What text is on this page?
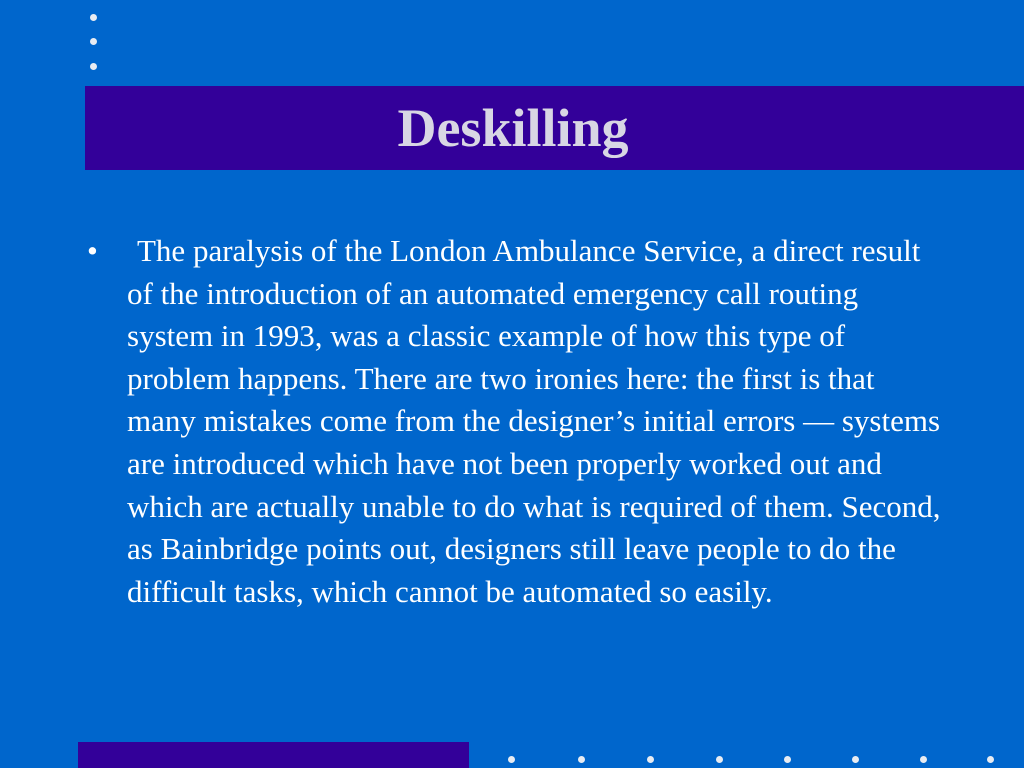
Deskilling
•	The paralysis of the London Ambulance Service, a direct result of the introduction of an automated emergency call routing system in 1993, was a classic example of how this type of problem happens. There are two ironies here: the first is that many mistakes come from the designer’s initial errors — systems are introduced which have not been properly worked out and which are actually unable to do what is required of them. Second, as Bainbridge points out, designers still leave people to do the difficult tasks, which cannot be automated so easily.
